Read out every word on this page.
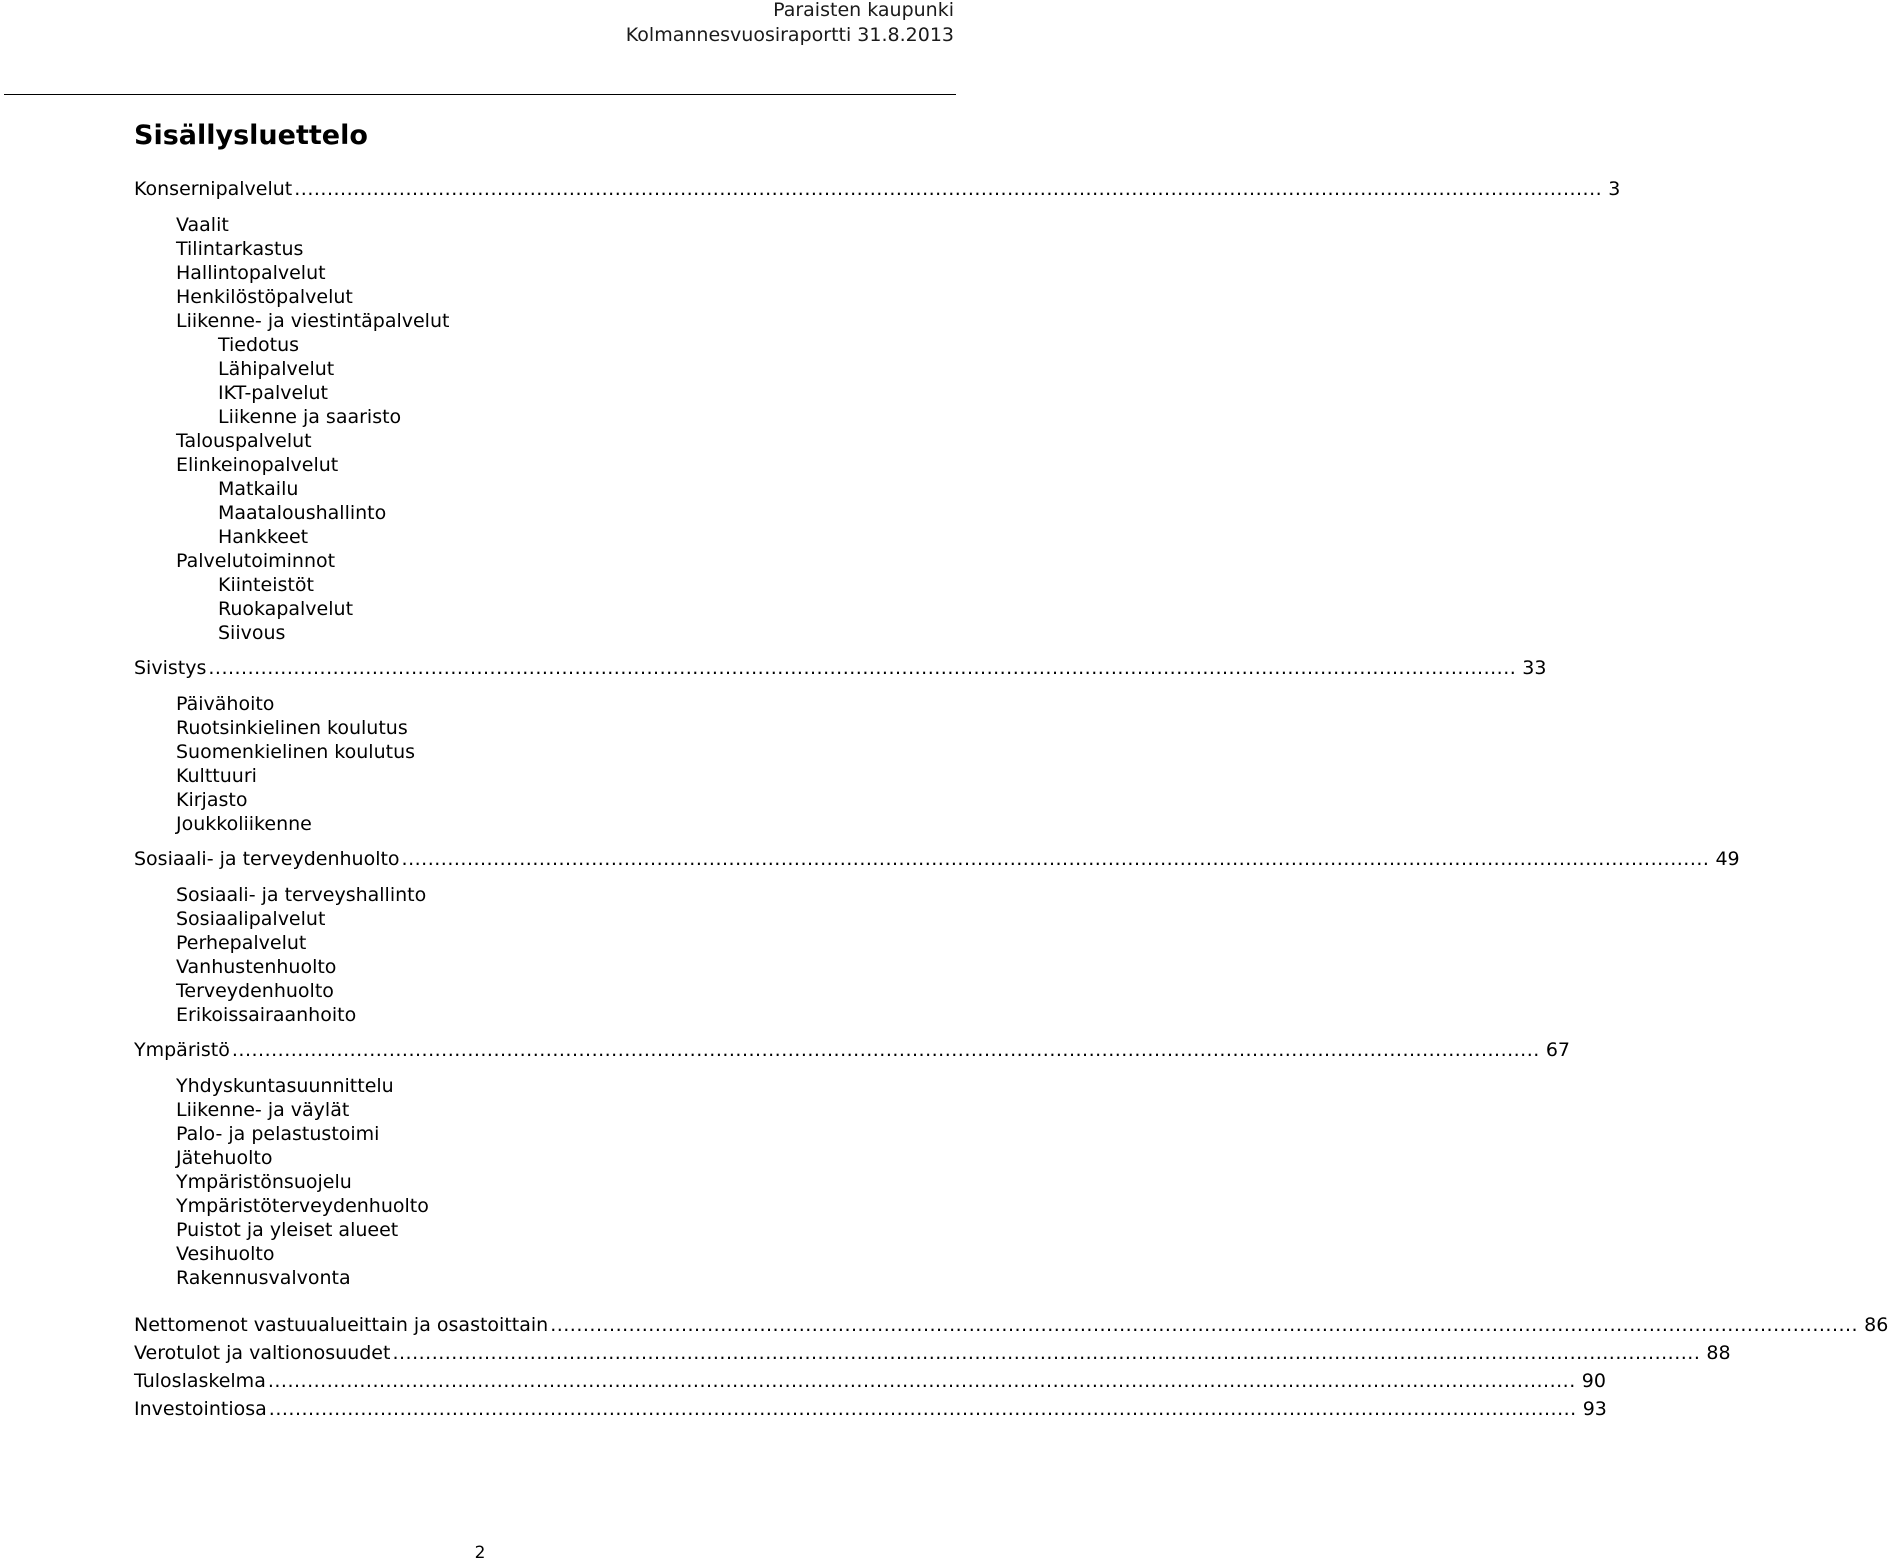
Paraisten kaupunki
Kolmannesvuosiraportti 31.8.2013
Sisällysluettelo
Konsernipalvelut ........................................................................................................................................................................................................ 3
Vaalit
Tilintarkastus
Hallintopalvelut
Henkilöstöpalvelut
Liikenne- ja viestintäpalvelut
Tiedotus
Lähipalvelut
IKT-palvelut
Liikenne ja saaristo
Talouspalvelut
Elinkeinopalvelut
Matkailu
Maataloushallinto
Hankkeet
Palvelutoiminnot
Kiinteistöt
Ruokapalvelut
Siivous
Sivistys ........................................................................................................................................................................................................ 33
Päivähoito
Ruotsinkielinen koulutus
Suomenkielinen koulutus
Kulttuuri
Kirjasto
Joukkoliikenne
Sosiaali- ja terveydenhuolto ........................................................................................................................................................................................................ 49
Sosiaali- ja terveyshallinto
Sosiaalipalvelut
Perhepalvelut
Vanhustenhuolto
Terveydenhuolto
Erikoissairaanhoito
Ympäristö ........................................................................................................................................................................................................ 67
Yhdyskuntasuunnittelu
Liikenne- ja väylät
Palo- ja pelastustoimi
Jätehuolto
Ympäristönsuojelu
Ympäristöterveydenhuolto
Puistot ja yleiset alueet
Vesihuolto
Rakennusvalvonta
Nettomenot vastuualueittain ja osastoittain ........................................................................................................................................................................................................ 86
Verotulot ja valtionosuudet ........................................................................................................................................................................................................ 88
Tuloslaskelma ........................................................................................................................................................................................................ 90
Investointiosa ........................................................................................................................................................................................................ 93
2
